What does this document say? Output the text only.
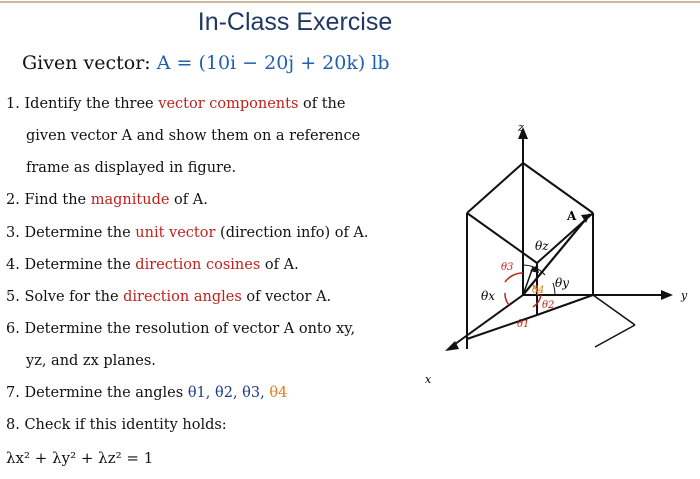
In-Class Exercise
Given vector: A = (10i − 20j + 20k) lb
1. Identify the three vector components of the
given vector A and show them on a reference
frame as displayed in figure.
2. Find the magnitude of A.
3. Determine the unit vector (direction info) of A.
4. Determine the direction cosines of A.
5. Solve for the direction angles of vector A.
6. Determine the resolution of vector A onto xy,
yz, and zx planes.
7. Determine the angles θ1, θ2, θ3, θ4
8. Check if this identity holds:
λx² + λy² + λz² = 1
z
y
x
A
θz
θy
θx
θ3
θ4
θ2
θ1
